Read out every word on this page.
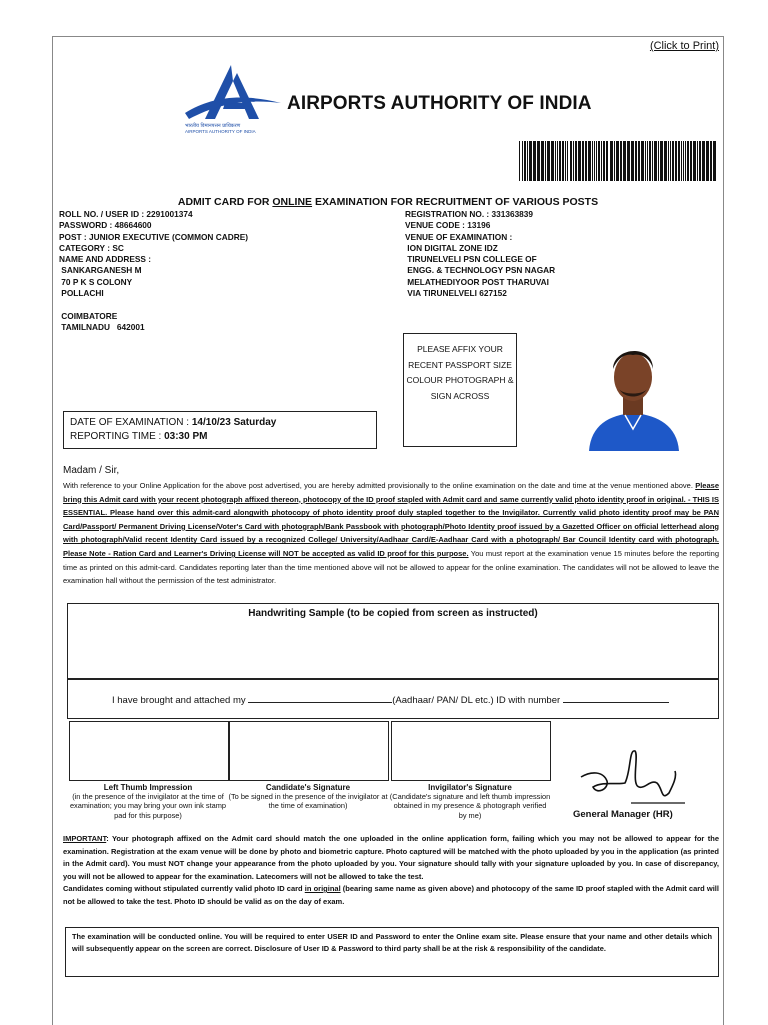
(Click to Print)
भारतीय विमानपत्तन प्राधिकरण
AIRPORTS AUTHORITY OF INDIA
AIRPORTS AUTHORITY OF INDIA
ADMIT CARD FOR ONLINE EXAMINATION FOR RECRUITMENT OF VARIOUS POSTS
ROLL NO. / USER ID : 2291001374
PASSWORD : 48664600
POST : JUNIOR EXECUTIVE (COMMON CADRE)
CATEGORY : SC
NAME AND ADDRESS :
SANKARGANESH M
70 P K S COLONY
POLLACHI

COIMBATORE
TAMILNADU   642001
REGISTRATION NO. : 331363839
VENUE CODE : 13196
VENUE OF EXAMINATION :
ION DIGITAL ZONE IDZ
TIRUNELVELI PSN COLLEGE OF
ENGG. & TECHNOLOGY PSN NAGAR
MELATHEDIYOOR POST THARUVAI
VIA TIRUNELVELI 627152
DATE OF EXAMINATION : 14/10/23 Saturday
REPORTING TIME : 03:30 PM
PLEASE AFFIX YOUR RECENT PASSPORT SIZE COLOUR PHOTOGRAPH & SIGN ACROSS
Madam / Sir,
With reference to your Online Application for the above post advertised, you are hereby admitted provisionally to the online examination on the date and time at the venue mentioned above. Please bring this Admit card with your recent photograph affixed thereon, photocopy of the ID proof stapled with Admit card and same currently valid photo identity proof in original. - THIS IS ESSENTIAL. Please hand over this admit-card alongwith photocopy of photo identity proof duly stapled together to the Invigilator. Currently valid photo identity proof may be PAN Card/Passport/ Permanent Driving License/Voter's Card with photograph/Bank Passbook with photograph/Photo Identity proof issued by a Gazetted Officer on official letterhead along with photograph/Valid recent Identity Card issued by a recognized College/ University/Aadhaar Card/E-Aadhaar Card with a photograph/ Bar Council Identity card with photograph. Please Note - Ration Card and Learner's Driving License will NOT be accepted as valid ID proof for this purpose. You must report at the examination venue 15 minutes before the reporting time as printed on this admit-card. Candidates reporting later than the time mentioned above will not be allowed to appear for the online examination. The candidates will not be allowed to leave the examination hall without the permission of the test administrator.
Handwriting Sample (to be copied from screen as instructed)
I have brought and attached my	(Aadhaar/ PAN/ DL etc.) ID with number
Left Thumb Impression
(in the presence of the invigilator at the time of examination; you may bring your own ink stamp pad for this purpose)
Candidate's Signature
(To be signed in the presence of the invigilator at the time of examination)
Invigilator's Signature
(Candidate's signature and left thumb impression obtained in my presence & photograph verified by me)	General Manager (HR)
IMPORTANT: Your photograph affixed on the Admit card should match the one uploaded in the online application form, failing which you may not be allowed to appear for the examination. Registration at the exam venue will be done by photo and biometric capture. Photo captured will be matched with the photo uploaded by you in the application (as printed in the Admit card). You must NOT change your appearance from the photo uploaded by you. Your signature should tally with your signature uploaded by you. In case of discrepancy, you will not be allowed to appear for the examination. Latecomers will not be allowed to take the test.
Candidates coming without stipulated currently valid photo ID card in original (bearing same name as given above) and photocopy of the same ID proof stapled with the Admit card will not be allowed to take the test. Photo ID should be valid as on the day of exam.
The examination will be conducted online. You will be required to enter USER ID and Password to enter the Online exam site. Please ensure that your name and other details which will subsequently appear on the screen are correct. Disclosure of User ID & Password to third party shall be at the risk & responsibility of the candidate.
